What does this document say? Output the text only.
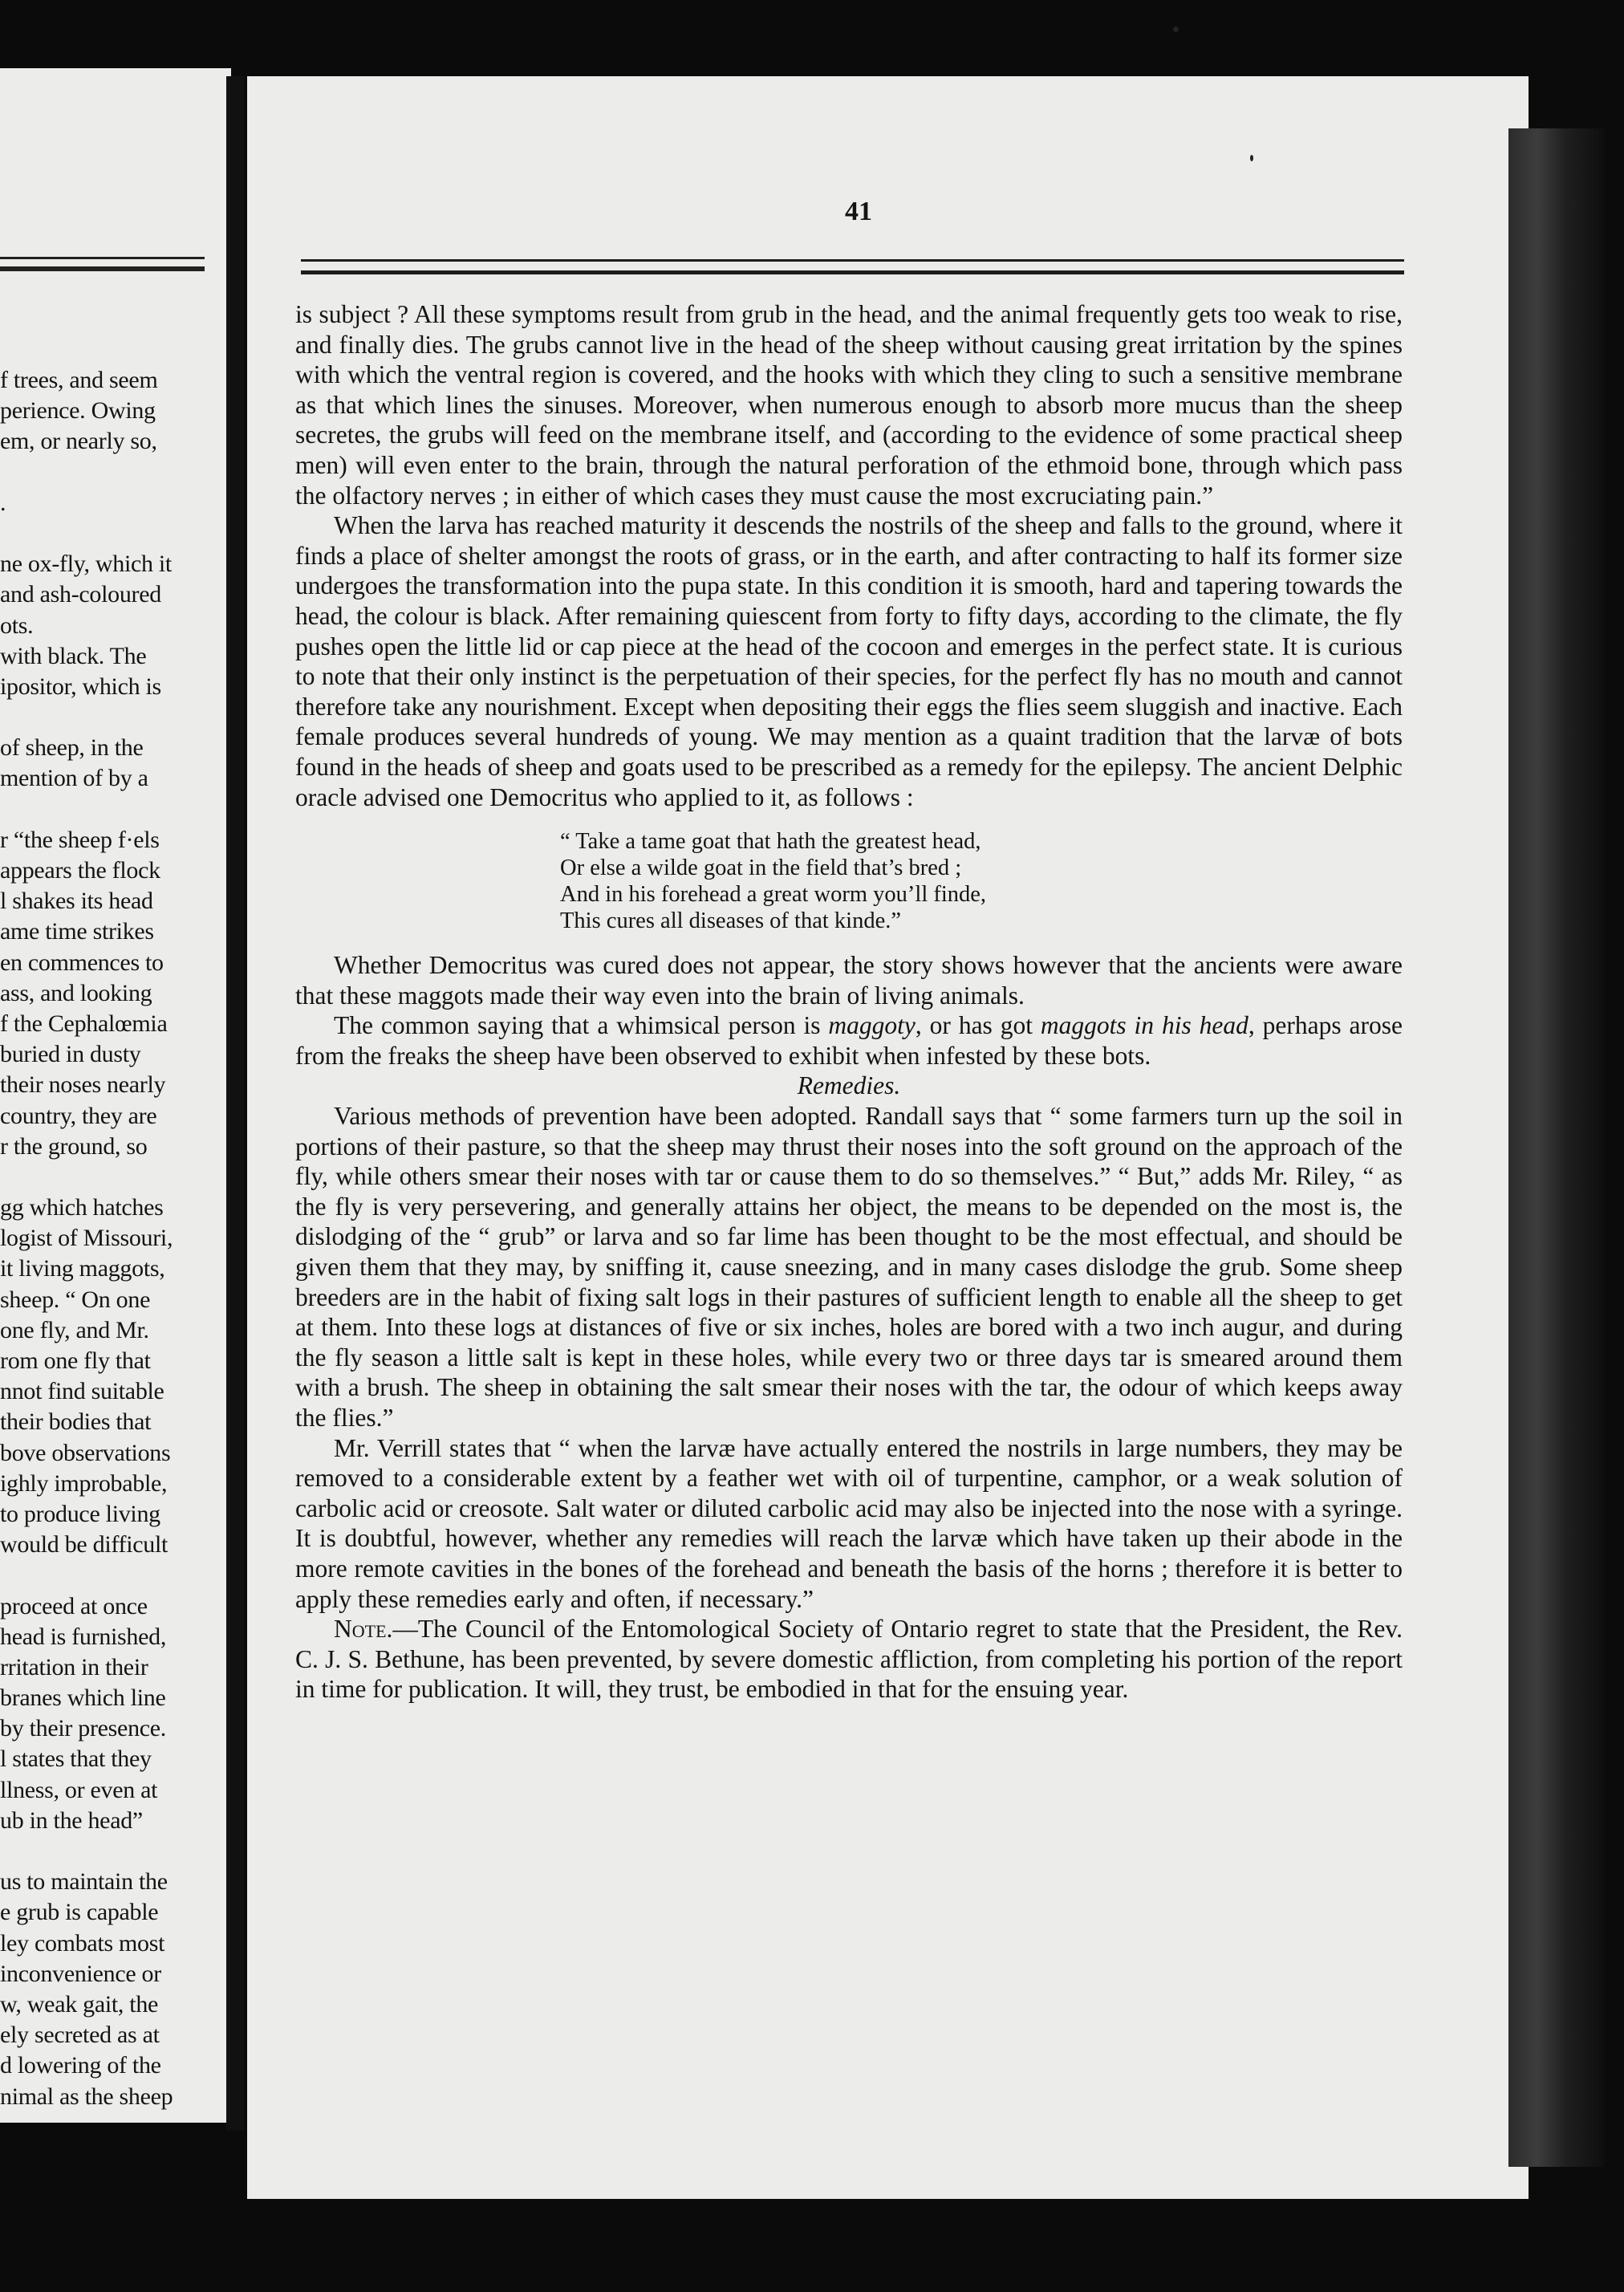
f trees, and seem
perience. Owing
em, or nearly so,
.
ne ox-fly, which it
and ash-coloured
ots.
with black. The
ipositor, which is
of sheep, in the
mention of by a
r “the sheep f·els
appears the flock
l shakes its head
ame time strikes
en commences to
ass, and looking
f the Cephalœmia
buried in dusty
their noses nearly
country, they are
r the ground, so
gg which hatches
logist of Missouri,
it living maggots,
sheep. “ On one
one fly, and Mr.
rom one fly that
nnot find suitable
their bodies that
bove observations
ighly improbable,
to produce living
would be difficult
proceed at once
head is furnished,
rritation in their
branes which line
by their presence.
l states that they
llness, or even at
ub in the head”
us to maintain the
e grub is capable
ley combats most
inconvenience or
w, weak gait, the
ely secreted as at
d lowering of the
nimal as the sheep
41

is subject ? All these symptoms result from grub in the head, and the animal frequently gets too weak to rise, and finally dies. The grubs cannot live in the head of the sheep without causing great irritation by the spines with which the ventral region is covered, and the hooks with which they cling to such a sensitive membrane as that which lines the sinuses. Moreover, when numerous enough to absorb more mucus than the sheep secretes, the grubs will feed on the membrane itself, and (according to the evidence of some practical sheep men) will even enter to the brain, through the natural perforation of the ethmoid bone, through which pass the olfactory nerves ; in either of which cases they must cause the most excruciating pain.”

When the larva has reached maturity it descends the nostrils of the sheep and falls to the ground, where it finds a place of shelter amongst the roots of grass, or in the earth, and after contracting to half its former size undergoes the transformation into the pupa state. In this condition it is smooth, hard and tapering towards the head, the colour is black. After remaining quiescent from forty to fifty days, according to the climate, the fly pushes open the little lid or cap piece at the head of the cocoon and emerges in the perfect state. It is curious to note that their only instinct is the perpetuation of their species, for the perfect fly has no mouth and cannot therefore take any nourishment. Except when depositing their eggs the flies seem sluggish and inactive. Each female produces several hundreds of young. We may mention as a quaint tradition that the larvæ of bots found in the heads of sheep and goats used to be prescribed as a remedy for the epilepsy. The ancient Delphic oracle advised one Democritus who applied to it, as follows :

“ Take a tame goat that hath the greatest head,
Or else a wilde goat in the field that’s bred ;
And in his forehead a great worm you’ll finde,
This cures all diseases of that kinde.”

Whether Democritus was cured does not appear, the story shows however that the ancients were aware that these maggots made their way even into the brain of living animals.

The common saying that a whimsical person is maggoty, or has got maggots in his head, perhaps arose from the freaks the sheep have been observed to exhibit when infested by these bots.

Remedies.

Various methods of prevention have been adopted. Randall says that “ some farmers turn up the soil in portions of their pasture, so that the sheep may thrust their noses into the soft ground on the approach of the fly, while others smear their noses with tar or cause them to do so themselves.” “ But,” adds Mr. Riley, “ as the fly is very persevering, and generally attains her object, the means to be depended on the most is, the dislodging of the “ grub” or larva and so far lime has been thought to be the most effectual, and should be given them that they may, by sniffing it, cause sneezing, and in many cases dislodge the grub. Some sheep breeders are in the habit of fixing salt logs in their pastures of sufficient length to enable all the sheep to get at them. Into these logs at distances of five or six inches, holes are bored with a two inch augur, and during the fly season a little salt is kept in these holes, while every two or three days tar is smeared around them with a brush. The sheep in obtaining the salt smear their noses with the tar, the odour of which keeps away the flies.”

Mr. Verrill states that “ when the larvæ have actually entered the nostrils in large numbers, they may be removed to a considerable extent by a feather wet with oil of turpentine, camphor, or a weak solution of carbolic acid or creosote. Salt water or diluted carbolic acid may also be injected into the nose with a syringe. It is doubtful, however, whether any remedies will reach the larvæ which have taken up their abode in the more remote cavities in the bones of the forehead and beneath the basis of the horns ; therefore it is better to apply these remedies early and often, if necessary.”

Note.—The Council of the Entomological Society of Ontario regret to state that the President, the Rev. C. J. S. Bethune, has been prevented, by severe domestic affliction, from completing his portion of the report in time for publication. It will, they trust, be embodied in that for the ensuing year.
